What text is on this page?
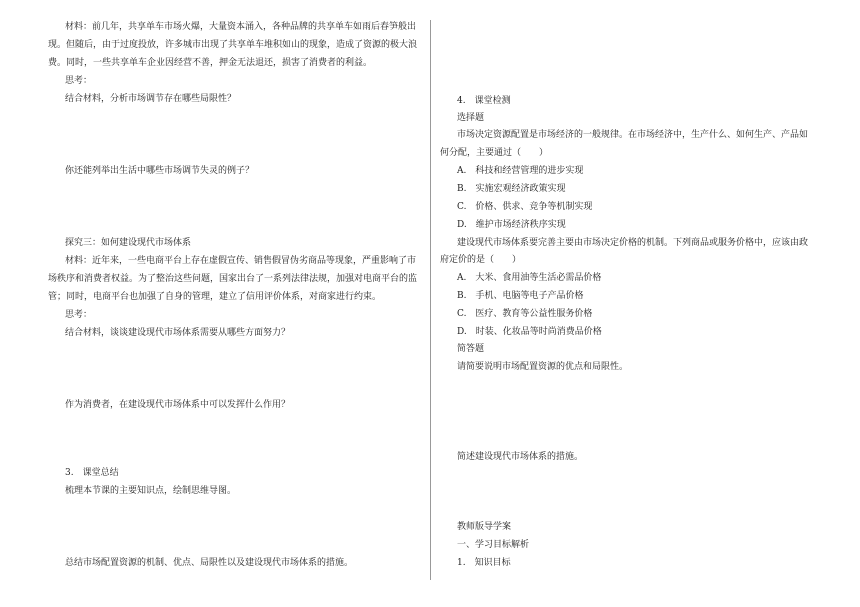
材料：前几年，共享单车市场火爆，大量资本涌入，各种品牌的共享单车如雨后春笋般出
现。但随后，由于过度投放，许多城市出现了共享单车堆积如山的现象，造成了资源的极大浪
费。同时，一些共享单车企业因经营不善，押金无法退还，损害了消费者的利益。
思考：
结合材料，分析市场调节存在哪些局限性？
你还能列举出生活中哪些市场调节失灵的例子？
探究三：如何建设现代市场体系
材料：近年来，一些电商平台上存在虚假宣传、销售假冒伪劣商品等现象，严重影响了市
场秩序和消费者权益。为了整治这些问题，国家出台了一系列法律法规，加强对电商平台的监
管；同时，电商平台也加强了自身的管理，建立了信用评价体系，对商家进行约束。
思考：
结合材料，谈谈建设现代市场体系需要从哪些方面努力？
作为消费者，在建设现代市场体系中可以发挥什么作用？
3.　课堂总结
梳理本节课的主要知识点，绘制思维导图。
总结市场配置资源的机制、优点、局限性以及建设现代市场体系的措施。
4.　课堂检测
选择题
市场决定资源配置是市场经济的一般规律。在市场经济中，生产什么、如何生产、产品如
何分配，主要通过（　　）
A.　科技和经营管理的进步实现
B.　实施宏观经济政策实现
C.　价格、供求、竞争等机制实现
D.　维护市场经济秩序实现
建设现代市场体系要完善主要由市场决定价格的机制。下列商品或服务价格中，应该由政
府定价的是（　　）
A.　大米、食用油等生活必需品价格
B.　手机、电脑等电子产品价格
C.　医疗、教育等公益性服务价格
D.　时装、化妆品等时尚消费品价格
简答题
请简要说明市场配置资源的优点和局限性。
简述建设现代市场体系的措施。
教师版导学案
一、学习目标解析
1.　知识目标
